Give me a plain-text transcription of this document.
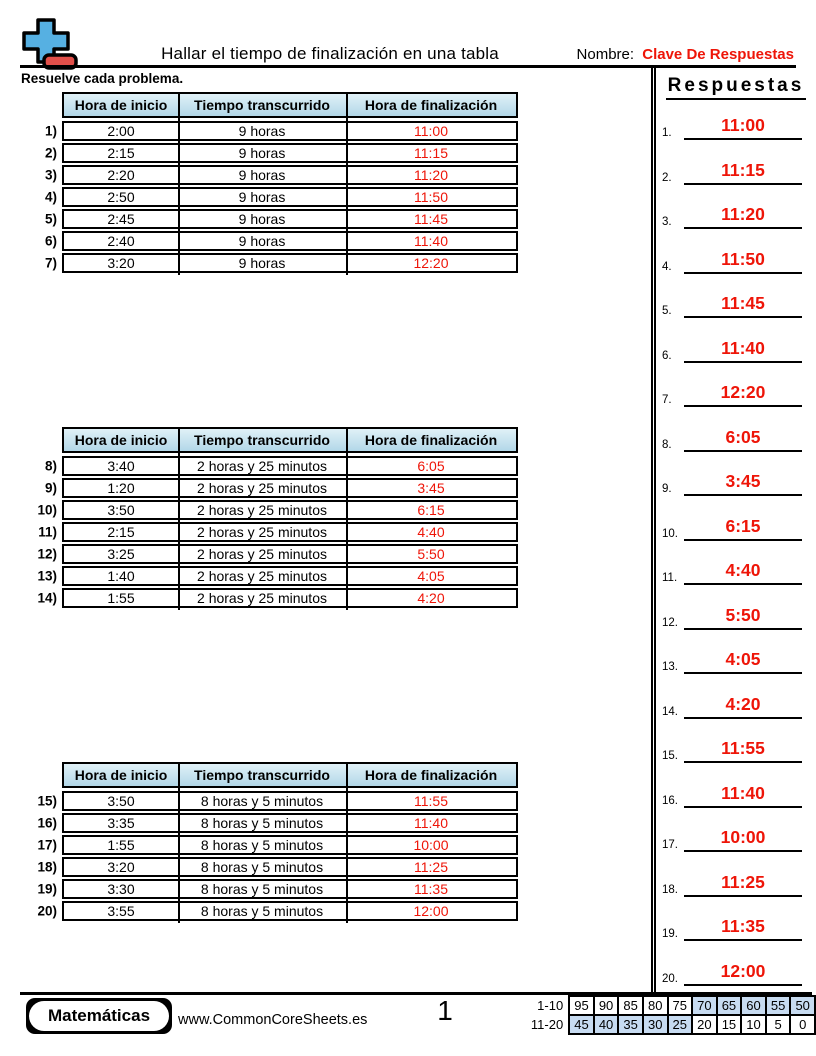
Hallar el tiempo de finalización en una tabla	Nombre: Clave De Respuestas
Resuelve cada problema.
Hora de inicio	Tiempo transcurrido	Hora de finalización
1)	2:00	9 horas	11:00
2)	2:15	9 horas	11:15
3)	2:20	9 horas	11:20
4)	2:50	9 horas	11:50
5)	2:45	9 horas	11:45
6)	2:40	9 horas	11:40
7)	3:20	9 horas	12:20
Hora de inicio	Tiempo transcurrido	Hora de finalización
8)	3:40	2 horas y 25 minutos	6:05
9)	1:20	2 horas y 25 minutos	3:45
10)	3:50	2 horas y 25 minutos	6:15
11)	2:15	2 horas y 25 minutos	4:40
12)	3:25	2 horas y 25 minutos	5:50
13)	1:40	2 horas y 25 minutos	4:05
14)	1:55	2 horas y 25 minutos	4:20
Hora de inicio	Tiempo transcurrido	Hora de finalización
15)	3:50	8 horas y 5 minutos	11:55
16)	3:35	8 horas y 5 minutos	11:40
17)	1:55	8 horas y 5 minutos	10:00
18)	3:20	8 horas y 5 minutos	11:25
19)	3:30	8 horas y 5 minutos	11:35
20)	3:55	8 horas y 5 minutos	12:00
Respuestas
1.	11:00
2.	11:15
3.	11:20
4.	11:50
5.	11:45
6.	11:40
7.	12:20
8.	6:05
9.	3:45
10.	6:15
11.	4:40
12.	5:50
13.	4:05
14.	4:20
15.	11:55
16.	11:40
17.	10:00
18.	11:25
19.	11:35
20.	12:00
Matemáticas	www.CommonCoreSheets.es	1	1-10	95	90	85	80	75	70	65	60	55	50
11-20	45	40	35	30	25	20	15	10	5	0
